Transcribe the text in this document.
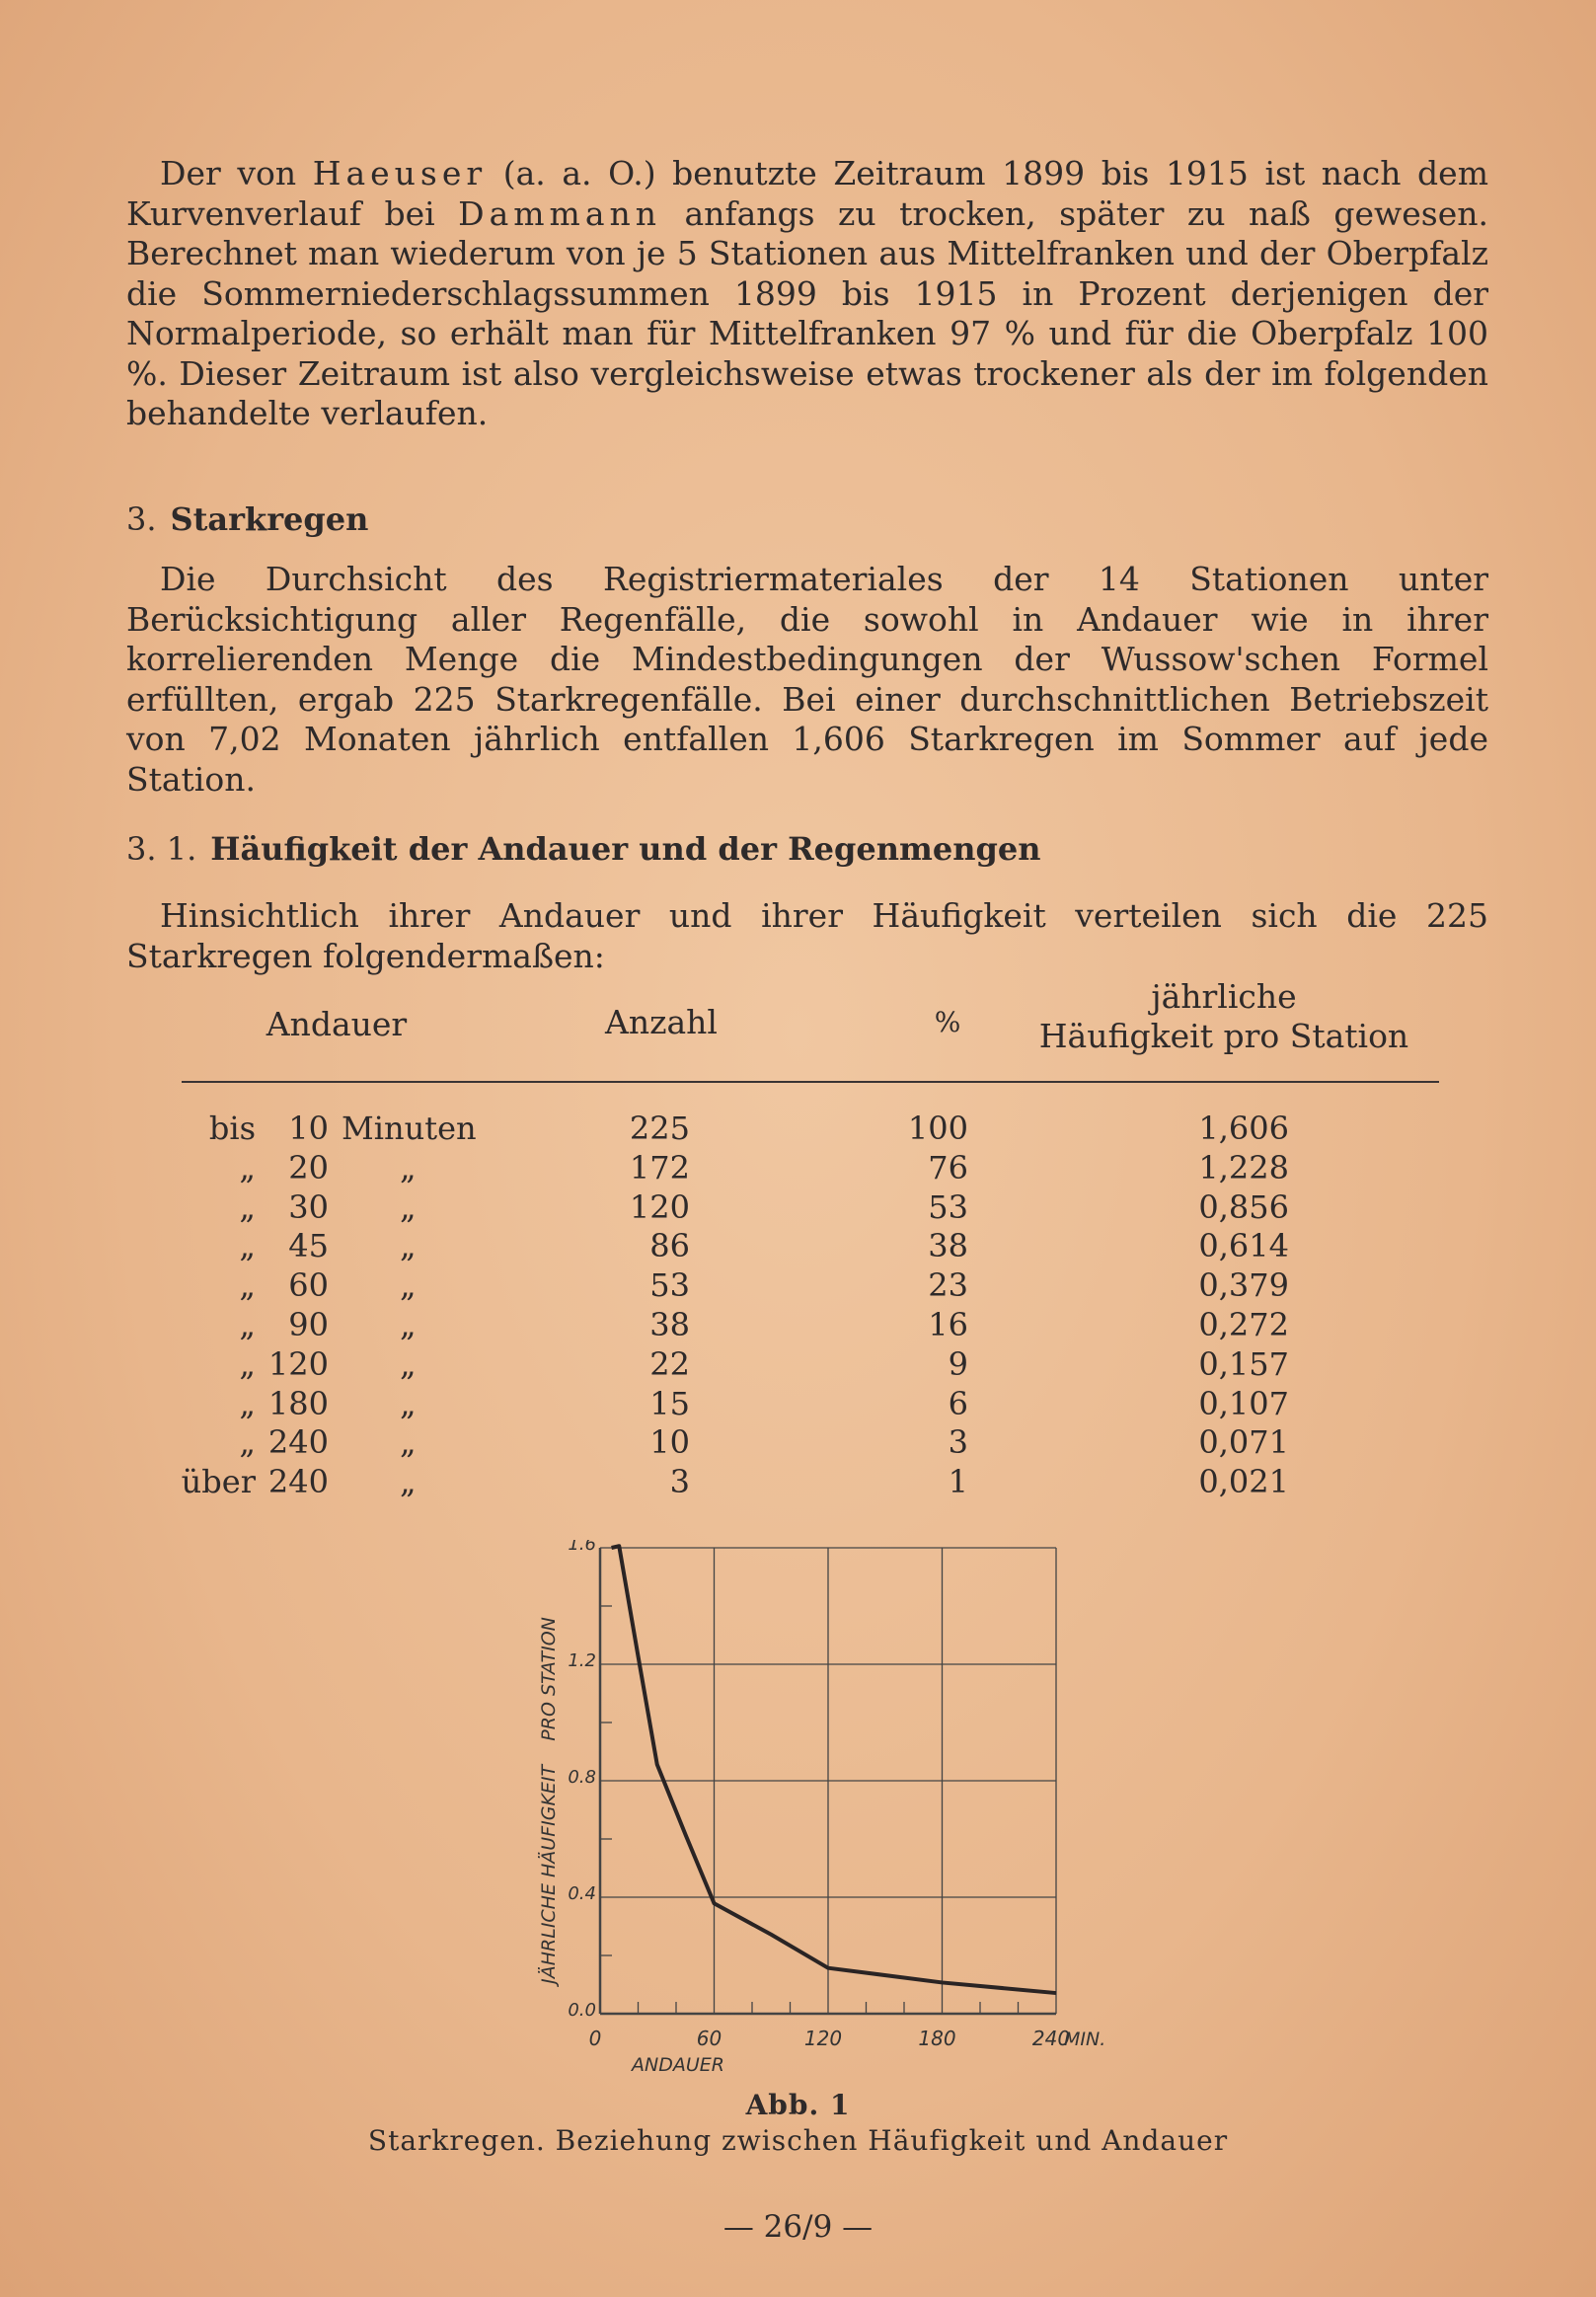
Der von Haeuser (a. a. O.) benutzte Zeitraum 1899 bis 1915 ist nach dem Kurvenverlauf bei Dammann anfangs zu trocken, später zu naß gewesen. Berechnet man wiederum von je 5 Stationen aus Mittelfranken und der Oberpfalz die Sommerniederschlagssummen 1899 bis 1915 in Prozent derjenigen der Normalperiode, so erhält man für Mittelfranken 97 % und für die Oberpfalz 100 %. Dieser Zeitraum ist also vergleichsweise etwas trockener als der im folgenden behandelte verlaufen.

3. Starkregen

Die Durchsicht des Registriermateriales der 14 Stationen unter Berücksichtigung aller Regenfälle, die sowohl in Andauer wie in ihrer korrelierenden Menge die Mindestbedingungen der Wussow'schen Formel erfüllten, ergab 225 Starkregenfälle. Bei einer durchschnittlichen Betriebszeit von 7,02 Monaten jährlich entfallen 1,606 Starkregen im Sommer auf jede Station.

3. 1. Häufigkeit der Andauer und der Regenmengen

Hinsichtlich ihrer Andauer und ihrer Häufigkeit verteilen sich die 225 Starkregen folgendermaßen:

Andauer	Anzahl	%
jährliche
Häufigkeit pro Station
bis	10 Minuten	225	100	1,606
„	20 „	172	76	1,228
„	30 „	120	53	0,856
„	45 „	86	38	0,614
„	60 „	53	23	0,379
„	90 „	38	16	0,272
„ 120 „	22	9	0,157
„ 180 „	15	6	0,107
„ 240 „	10	3	0,071
über 240 „	3	1	0,021
0	60	120	180	240
0.0
0.4
0.8
1.2
1.6
MIN.
ANDAUER
JÄHRLICHE HÄUFIGKEIT    PRO STATION
Abb. 1
Starkregen. Beziehung zwischen Häufigkeit und Andauer
— 26/9 —
